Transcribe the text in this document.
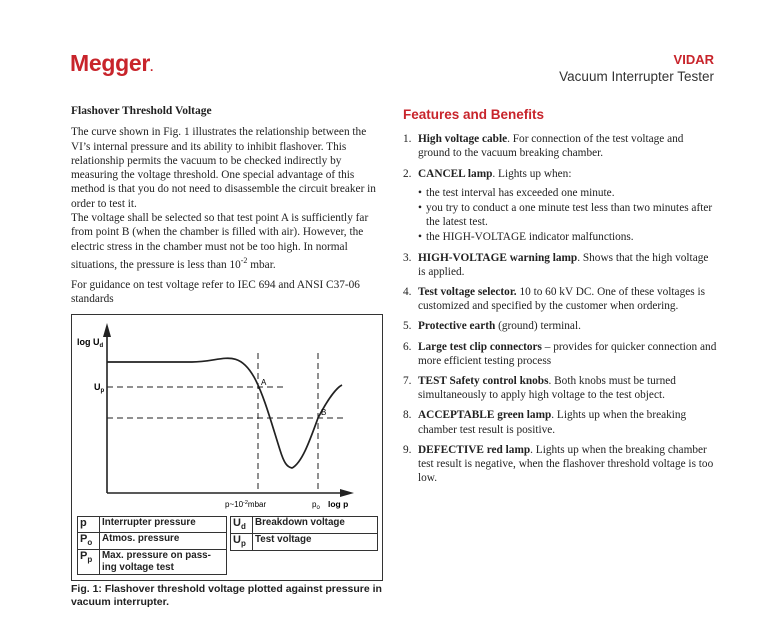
Megger.	VIDAR
Vacuum Interrupter Tester
Flashover Threshold Voltage

The curve shown in Fig. 1 illustrates the relationship between the VI’s internal pressure and its ability to inhibit flashover. This relationship permits the vacuum to be checked indirectly by measuring the voltage threshold. One special advantage of this method is that you do not need to disassemble the circuit breaker in order to test it.

The voltage shall be selected so that test point A is sufficiently far from point B (when the chamber is filled with air). However, the electric stress in the chamber must not be too high. In normal situations, the pressure is less than $10^{-2}$ mbar.

For guidance on test voltage refer to IEC 694 and ANSI C37-06 standards

$\log U_d$
$U_p$
A
B
$p\sim 10^{-2}mbar$	$p_o$ log p
p	Interrupter pressure
$P_o$	Atmos. pressure
$P_p$	Max. pressure on pass-ing voltage test
$U_d$	Breakdown voltage
$U_p$	Test voltage
Fig. 1: Flashover threshold voltage plotted against pressure in vacuum interrupter.
Features and Benefits
1. High voltage cable. For connection of the test voltage and ground to the vacuum breaking chamber.
2. CANCEL lamp. Lights up when:
• the test interval has exceeded one minute.
• you try to conduct a one minute test less than two minutes after the latest test.
• the HIGH-VOLTAGE indicator malfunctions.
3. HIGH-VOLTAGE warning lamp. Shows that the high voltage is applied.
4. Test voltage selector. 10 to 60 kV DC. One of these voltages is customized and specified by the customer when ordering.
5. Protective earth (ground) terminal.
6. Large test clip connectors – provides for quicker connection and more efficient testing process
7. TEST Safety control knobs. Both knobs must be turned simultaneously to apply high voltage to the test object.
8. ACCEPTABLE green lamp. Lights up when the breaking chamber test result is positive.
9. DEFECTIVE red lamp. Lights up when the breaking chamber test result is negative, when the flashover threshold voltage is too low.
